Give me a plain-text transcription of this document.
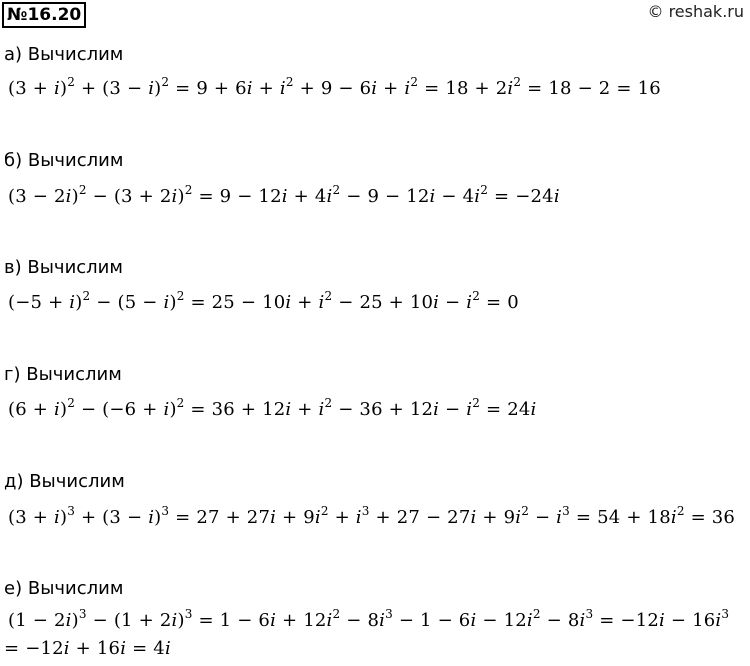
№16.20	© reshak.ru
а) Вычислим
$(3 + i)^2 + (3 - i)^2 = 9 + 6i + i^2 + 9 - 6i + i^2 = 18 + 2i^2 = 18 - 2 = 16$
б) Вычислим
$(3 - 2i)^2 - (3 + 2i)^2 = 9 - 12i + 4i^2 - 9 - 12i - 4i^2 = -24i$
в) Вычислим
$(-5 + i)^2 - (5 - i)^2 = 25 - 10i + i^2 - 25 + 10i - i^2 = 0$
г) Вычислим
$(6 + i)^2 - (-6 + i)^2 = 36 + 12i + i^2 - 36 + 12i - i^2 = 24i$
д) Вычислим
$(3 + i)^3 + (3 - i)^3 = 27 + 27i + 9i^2 + i^3 + 27 - 27i + 9i^2 - i^3 = 54 + 18i^2 = 36$
е) Вычислим
$(1 - 2i)^3 - (1 + 2i)^3 = 1 - 6i + 12i^2 - 8i^3 - 1 - 6i - 12i^2 - 8i^3 = -12i - 16i^3$
= −12i + 16i = 4i
